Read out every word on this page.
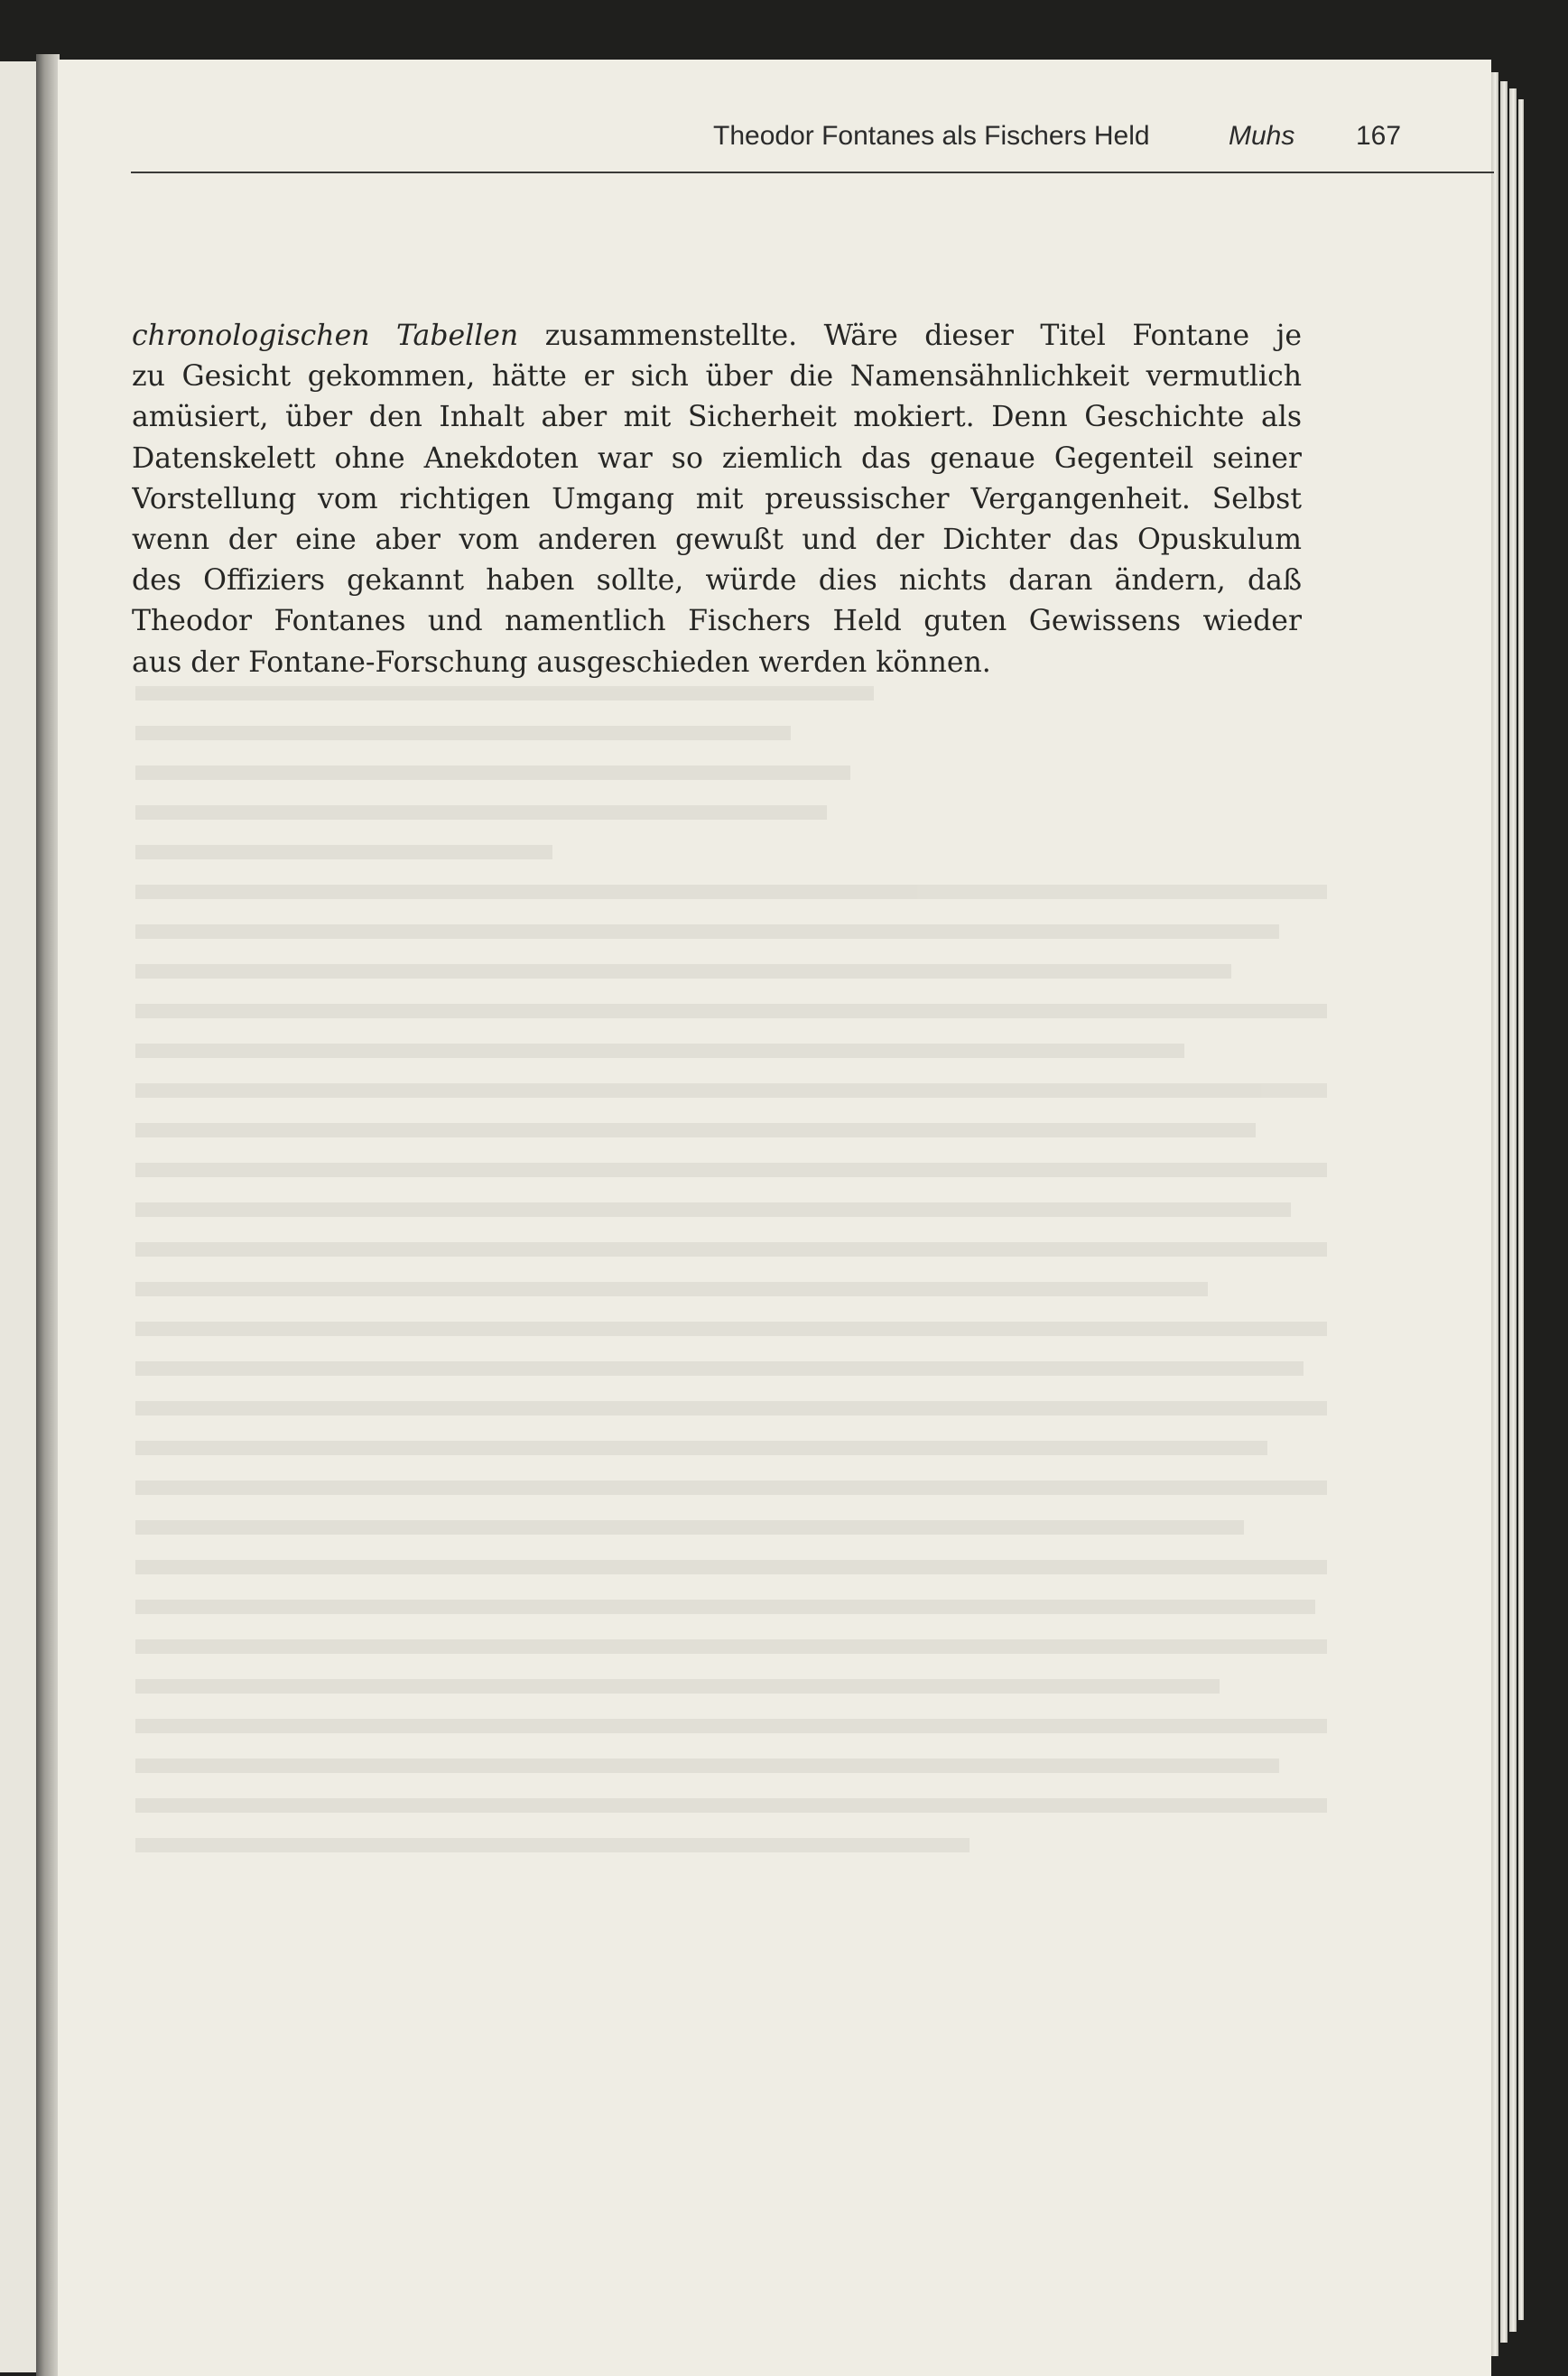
Theodor Fontanes als Fischers Held	Muhs 167
chronologischen Tabellen zusammenstellte. Wäre dieser Titel Fontane je
zu Gesicht gekommen, hätte er sich über die Namensähnlichkeit vermutlich
amüsiert, über den Inhalt aber mit Sicherheit mokiert. Denn Geschichte als
Datenskelett ohne Anekdoten war so ziemlich das genaue Gegenteil seiner
Vorstellung vom richtigen Umgang mit preussischer Vergangenheit. Selbst
wenn der eine aber vom anderen gewußt und der Dichter das Opuskulum
des Offiziers gekannt haben sollte, würde dies nichts daran ändern, daß
Theodor Fontanes und namentlich Fischers Held guten Gewissens wieder
aus der Fontane-Forschung ausgeschieden werden können.
